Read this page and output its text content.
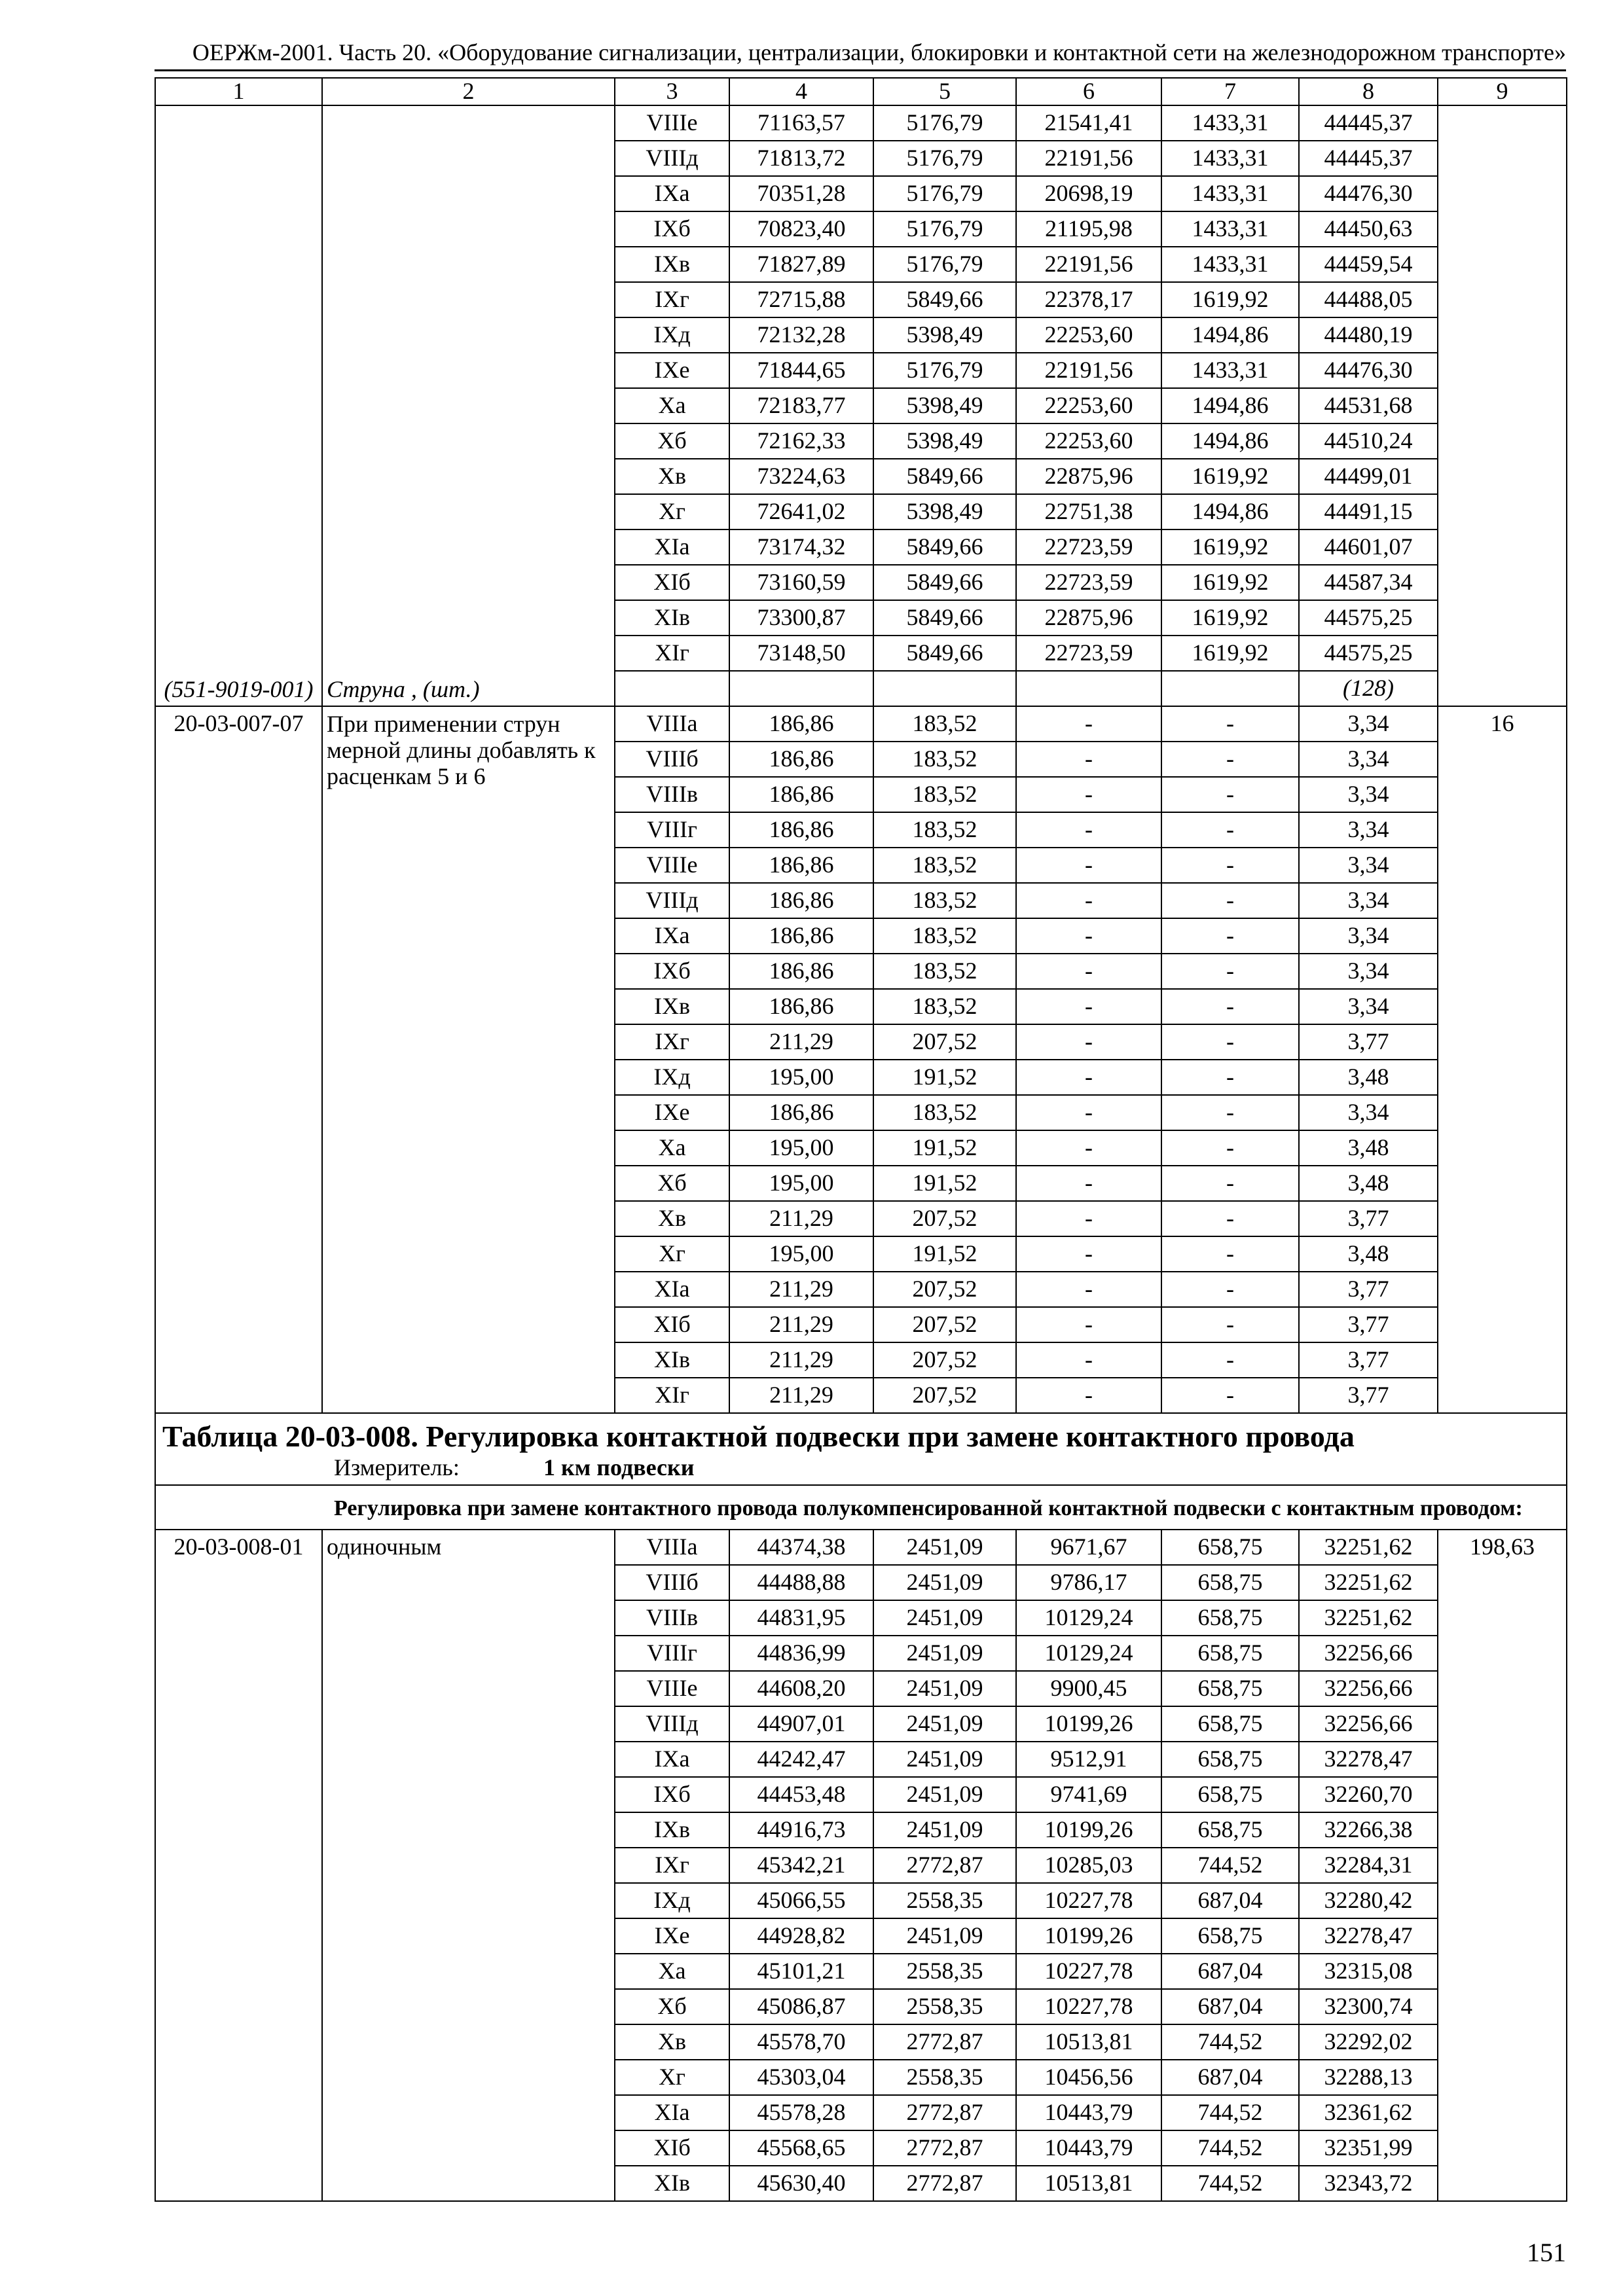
ОЕРЖм-2001. Часть 20. «Оборудование сигнализации, централизации, блокировки и контактной сети на железнодорожном транспорте»
1	2	3	4	5	6	7	8	9
(551-9019-001)	Струна , (шт.)	VIIIе	71163,57	5176,79	21541,41	1433,31	44445,37	
		VIIIд	71813,72	5176,79	22191,56	1433,31	44445,37	
		IXа	70351,28	5176,79	20698,19	1433,31	44476,30	
		IXб	70823,40	5176,79	21195,98	1433,31	44450,63	
		IXв	71827,89	5176,79	22191,56	1433,31	44459,54	
		IXг	72715,88	5849,66	22378,17	1619,92	44488,05	
		IXд	72132,28	5398,49	22253,60	1494,86	44480,19	
		IXе	71844,65	5176,79	22191,56	1433,31	44476,30	
		Xа	72183,77	5398,49	22253,60	1494,86	44531,68	
		Xб	72162,33	5398,49	22253,60	1494,86	44510,24	
		Xв	73224,63	5849,66	22875,96	1619,92	44499,01	
		Xг	72641,02	5398,49	22751,38	1494,86	44491,15	
		XIа	73174,32	5849,66	22723,59	1619,92	44601,07	
		XIб	73160,59	5849,66	22723,59	1619,92	44587,34	
		XIв	73300,87	5849,66	22875,96	1619,92	44575,25	
		XIг	73148,50	5849,66	22723,59	1619,92	44575,25	
							(128)	
20-03-007-07	При применении струн мерной длины добавлять к расценкам 5 и 6	VIIIа	186,86	183,52	-	-	3,34	16
		VIIIб	186,86	183,52	-	-	3,34	
		VIIIв	186,86	183,52	-	-	3,34	
		VIIIг	186,86	183,52	-	-	3,34	
		VIIIе	186,86	183,52	-	-	3,34	
		VIIIд	186,86	183,52	-	-	3,34	
		IXа	186,86	183,52	-	-	3,34	
		IXб	186,86	183,52	-	-	3,34	
		IXв	186,86	183,52	-	-	3,34	
		IXг	211,29	207,52	-	-	3,77	
		IXд	195,00	191,52	-	-	3,48	
		IXе	186,86	183,52	-	-	3,34	
		Xа	195,00	191,52	-	-	3,48	
		Xб	195,00	191,52	-	-	3,48	
		Xв	211,29	207,52	-	-	3,77	
		Xг	195,00	191,52	-	-	3,48	
		XIа	211,29	207,52	-	-	3,77	
		XIб	211,29	207,52	-	-	3,77	
		XIв	211,29	207,52	-	-	3,77	
		XIг	211,29	207,52	-	-	3,77	

Таблица 20-03-008. Регулировка контактной подвески при замене контактного провода
Измеритель: 1 км подвески								

Регулировка при замене контактного провода полукомпенсированной контактной подвески с контактным проводом:								

20-03-008-01	одиночным	VIIIа	44374,38	2451,09	9671,67	658,75	32251,62	198,63
		VIIIб	44488,88	2451,09	9786,17	658,75	32251,62	
		VIIIв	44831,95	2451,09	10129,24	658,75	32251,62	
		VIIIг	44836,99	2451,09	10129,24	658,75	32256,66	
		VIIIе	44608,20	2451,09	9900,45	658,75	32256,66	
		VIIIд	44907,01	2451,09	10199,26	658,75	32256,66	
		IXа	44242,47	2451,09	9512,91	658,75	32278,47	
		IXб	44453,48	2451,09	9741,69	658,75	32260,70	
		IXв	44916,73	2451,09	10199,26	658,75	32266,38	
		IXг	45342,21	2772,87	10285,03	744,52	32284,31	
		IXд	45066,55	2558,35	10227,78	687,04	32280,42	
		IXе	44928,82	2451,09	10199,26	658,75	32278,47	
		Xа	45101,21	2558,35	10227,78	687,04	32315,08	
		Xб	45086,87	2558,35	10227,78	687,04	32300,74	
		Xв	45578,70	2772,87	10513,81	744,52	32292,02	
		Xг	45303,04	2558,35	10456,56	687,04	32288,13	
		XIа	45578,28	2772,87	10443,79	744,52	32361,62	
		XIб	45568,65	2772,87	10443,79	744,52	32351,99	
		XIв	45630,40	2772,87	10513,81	744,52	32343,72	
151
